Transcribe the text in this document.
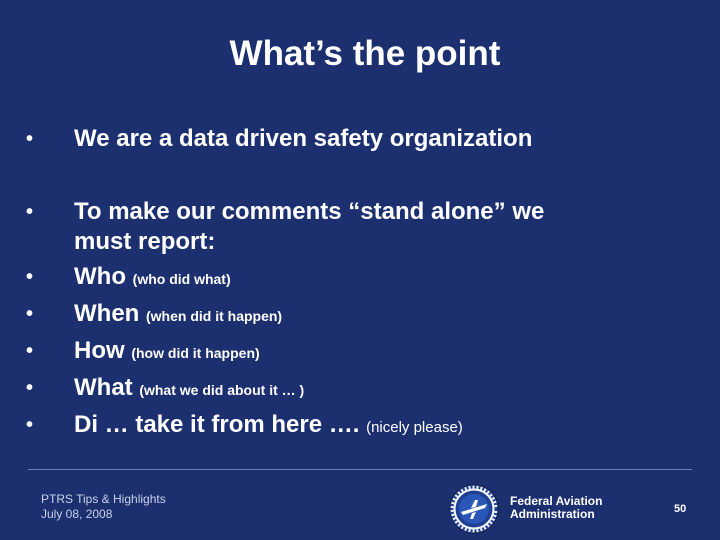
What’s the point
• We are a data driven safety organization
• To make our comments “stand alone” we
must report:
• Who (who did what)
• When (when did it happen)
• How (how did it happen)
• What (what we did about it … )
• Di … take it from here …. (nicely please)
PTRS Tips & Highlights
July 08, 2008
Federal Aviation
Administration	50
